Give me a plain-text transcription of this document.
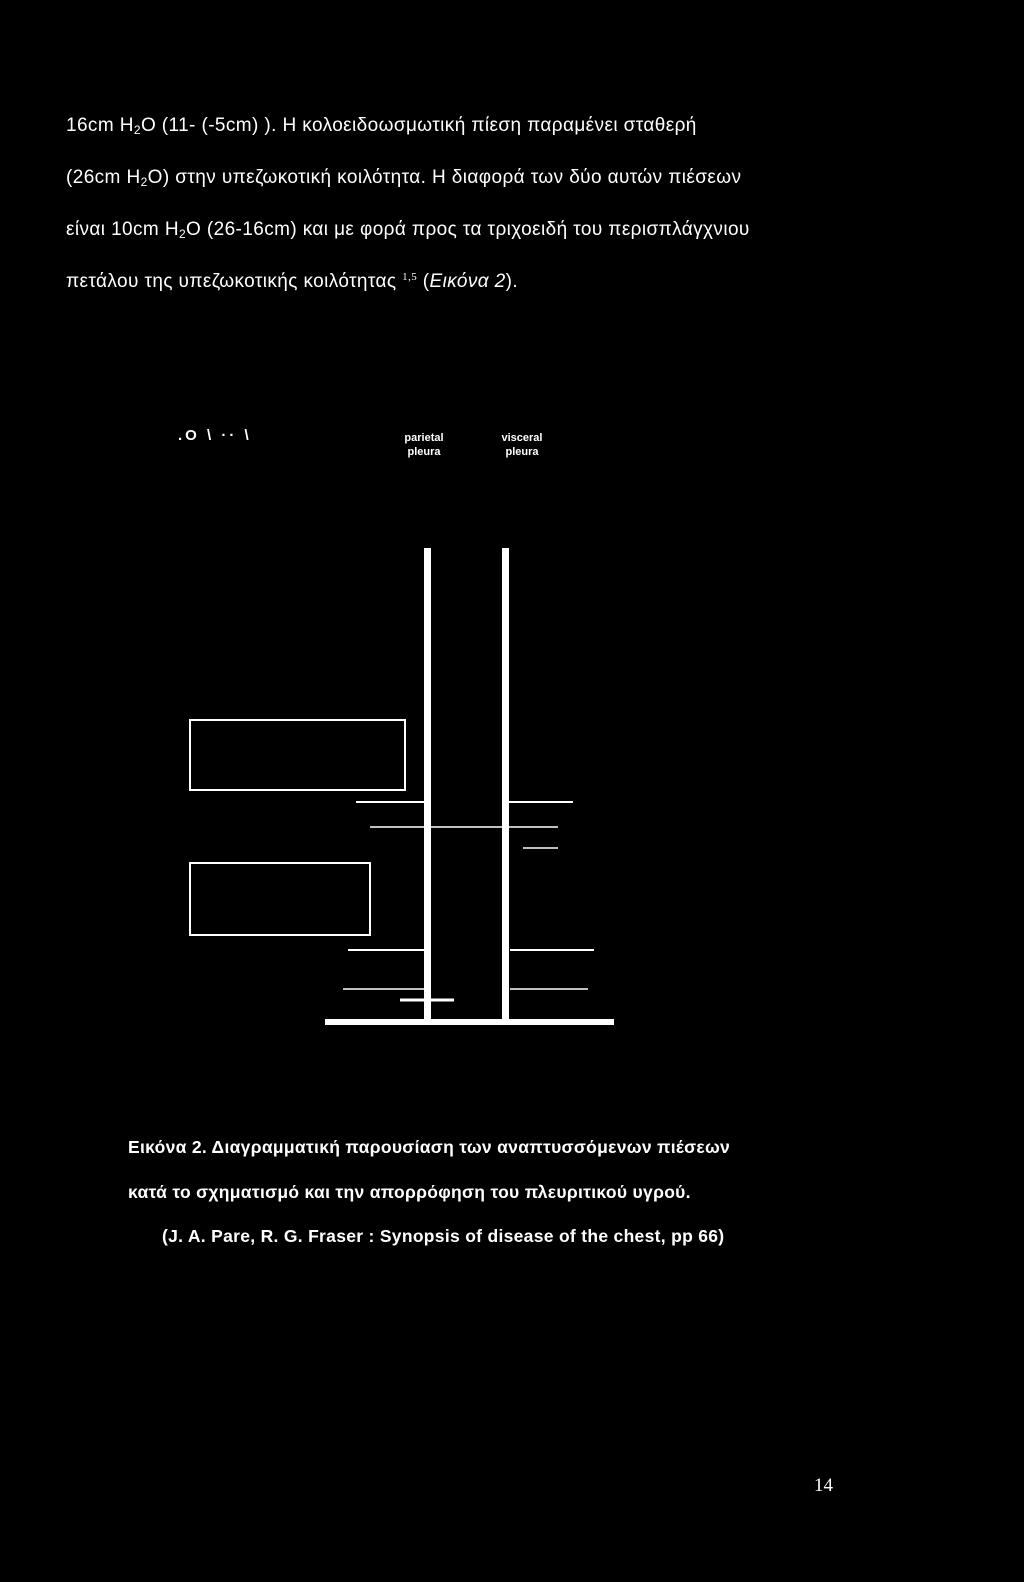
16cm $H_2O$ (11- (-5cm) ). Η κολοειδοωσμωτική πίεση παραμένει σταθερή
(26cm $H_2O$) στην υπεζωκοτική κοιλότητα. Η διαφορά των δύο αυτών πιέσεων
είναι 10cm $H_2O$ (26-16cm) και με φορά προς τα τριχοειδή του περισπλάγχνιου
πετάλου της υπεζωκοτικής κοιλότητας $^{1,5}$ (Εικόνα 2).
.O \ ·· \	parietal
pleura
visceral
pleura
Εικόνα 2. Διαγραμματική παρουσίαση των αναπτυσσόμενων πιέσεων
κατά το σχηματισμό και την απορρόφηση του πλευριτικού υγρού.
(J. A. Pare, R. G. Fraser : Synopsis of disease of the chest, pp 66)
14
